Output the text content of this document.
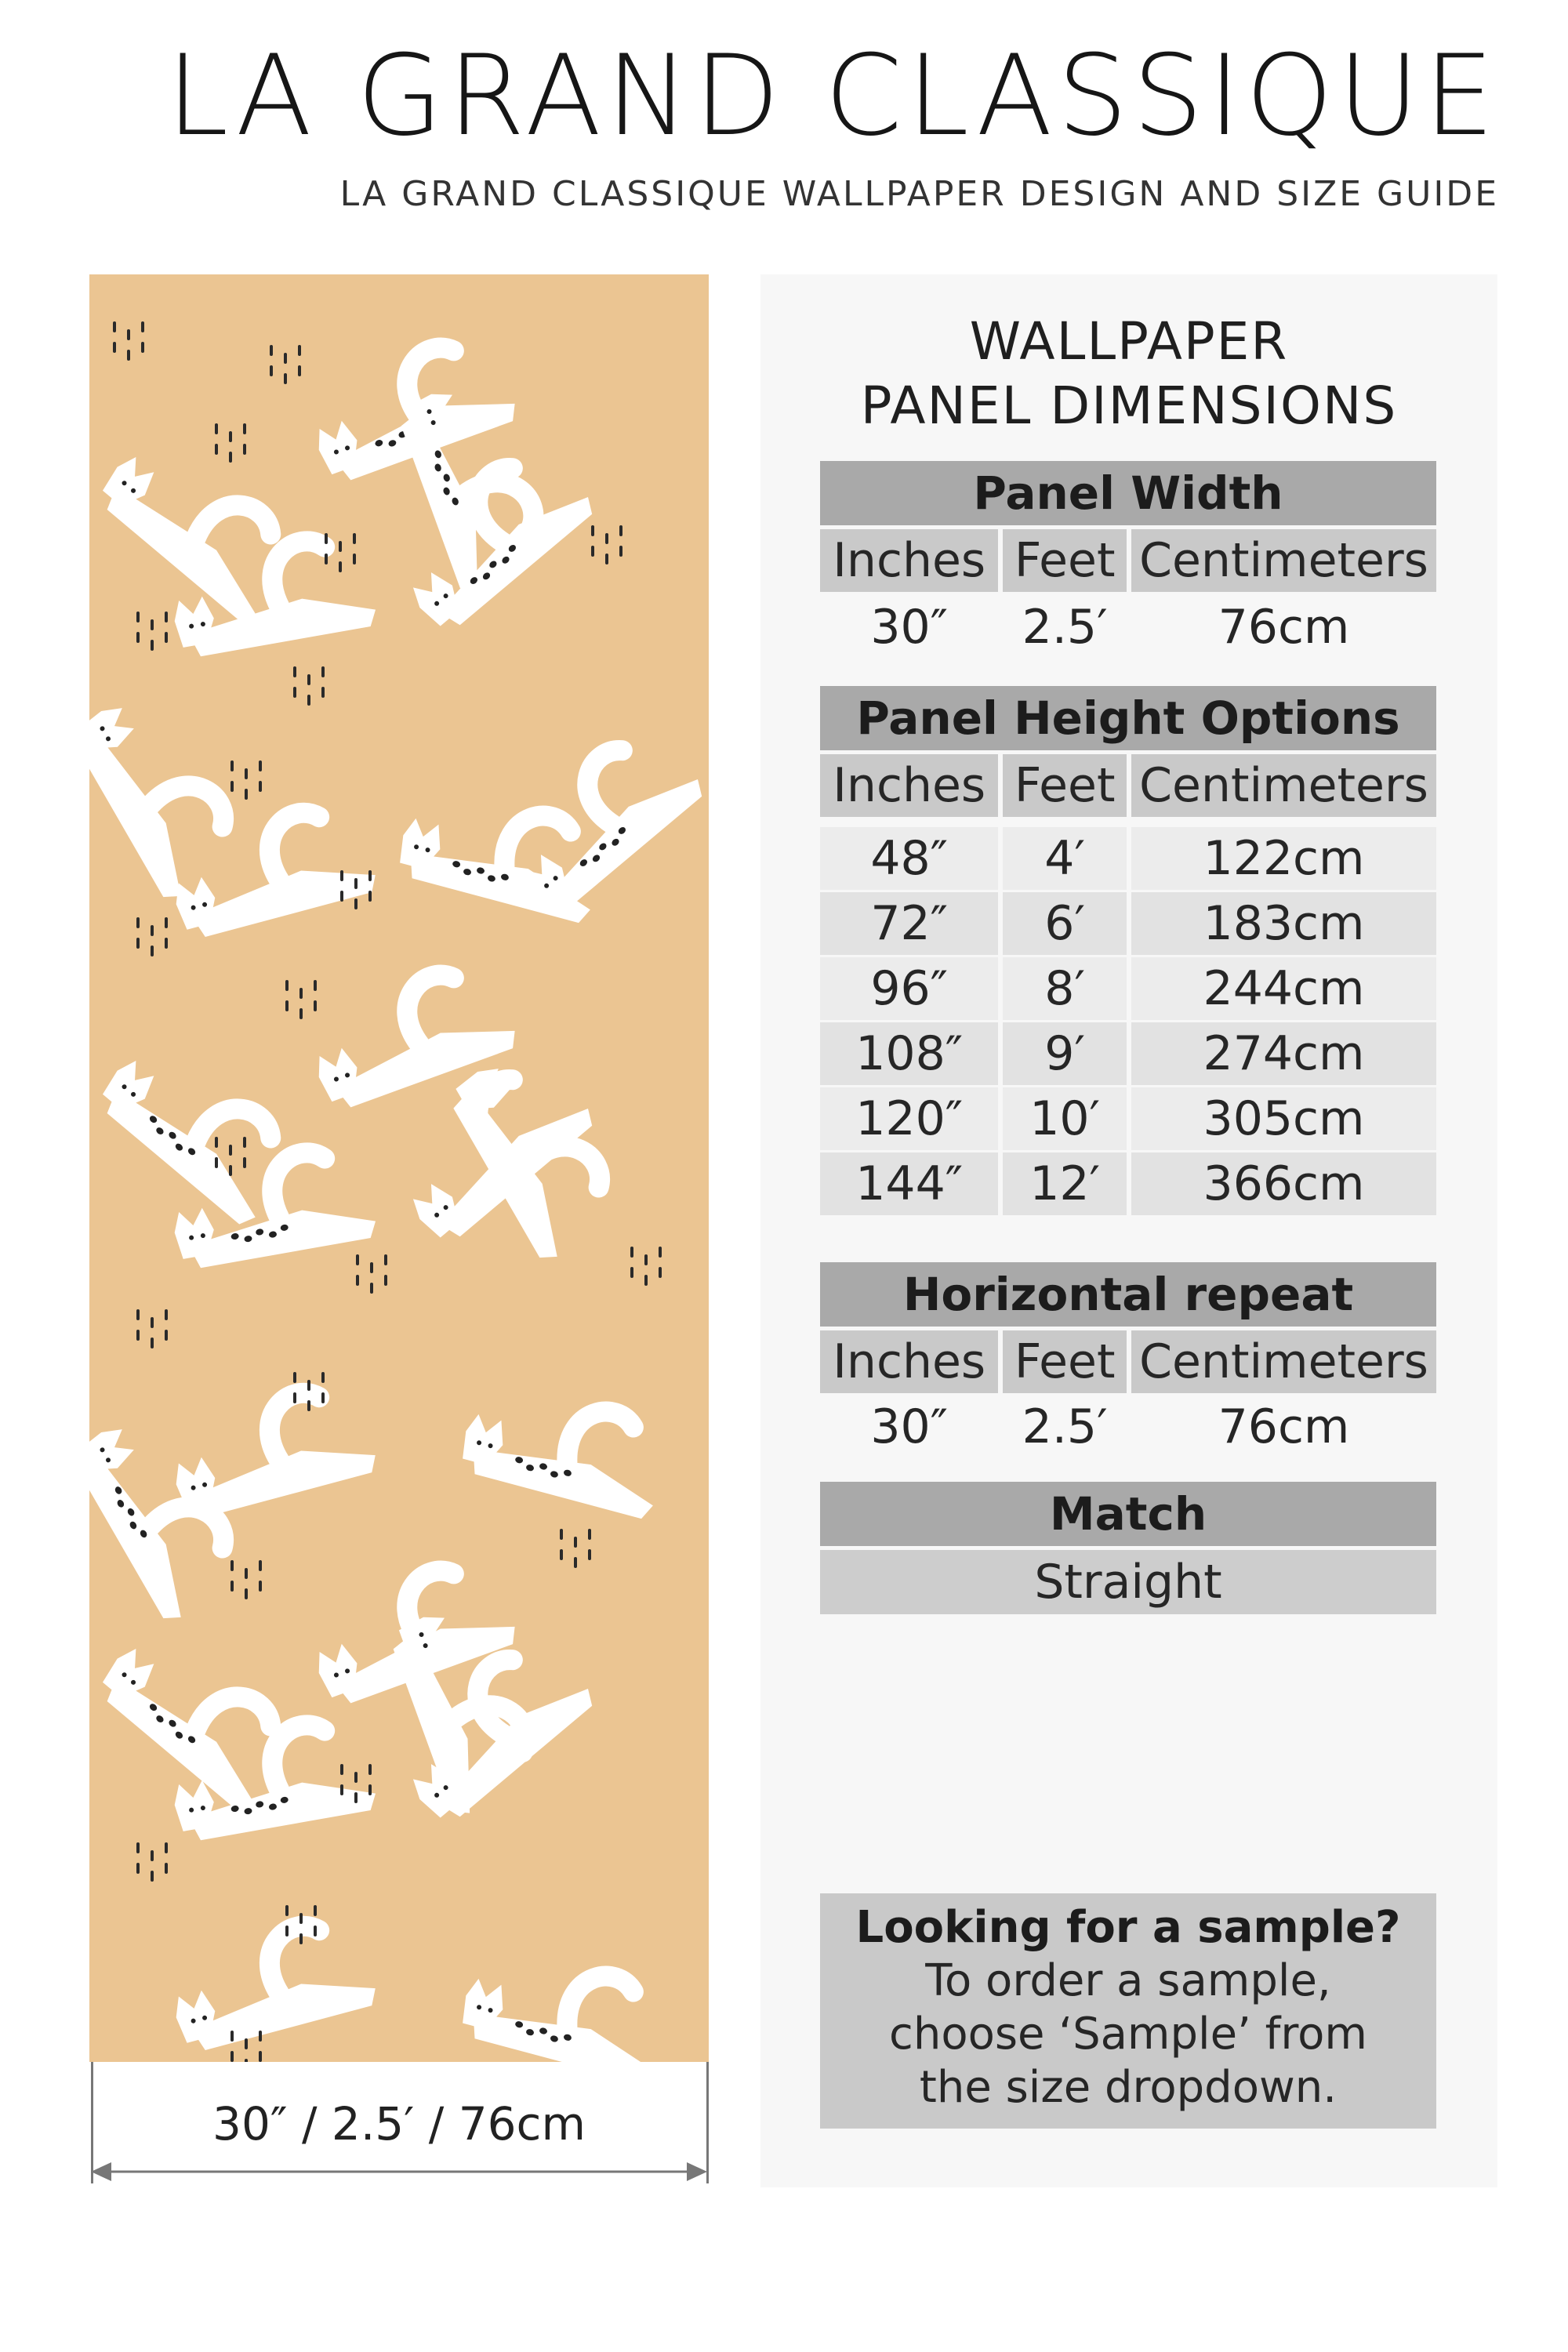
LA GRAND CLASSIQUE
LA GRAND CLASSIQUE WALLPAPER DESIGN AND SIZE GUIDE
30″ / 2.5′ / 76cm
WALLPAPER
PANEL DIMENSIONS
Panel Width
Inches Feet Centimeters
30″	2.5′	76cm
Panel Height Options
Inches Feet Centimeters
48″	4′	122cm
72″	6′	183cm
96″	8′	244cm
108″	9′	274cm
120″	10′	305cm
144″	12′	366cm
Horizontal repeat
Inches Feet Centimeters
30″	2.5′	76cm
Match
Straight
Looking for a sample?
To order a sample,
choose ‘Sample’ from
the size dropdown.
